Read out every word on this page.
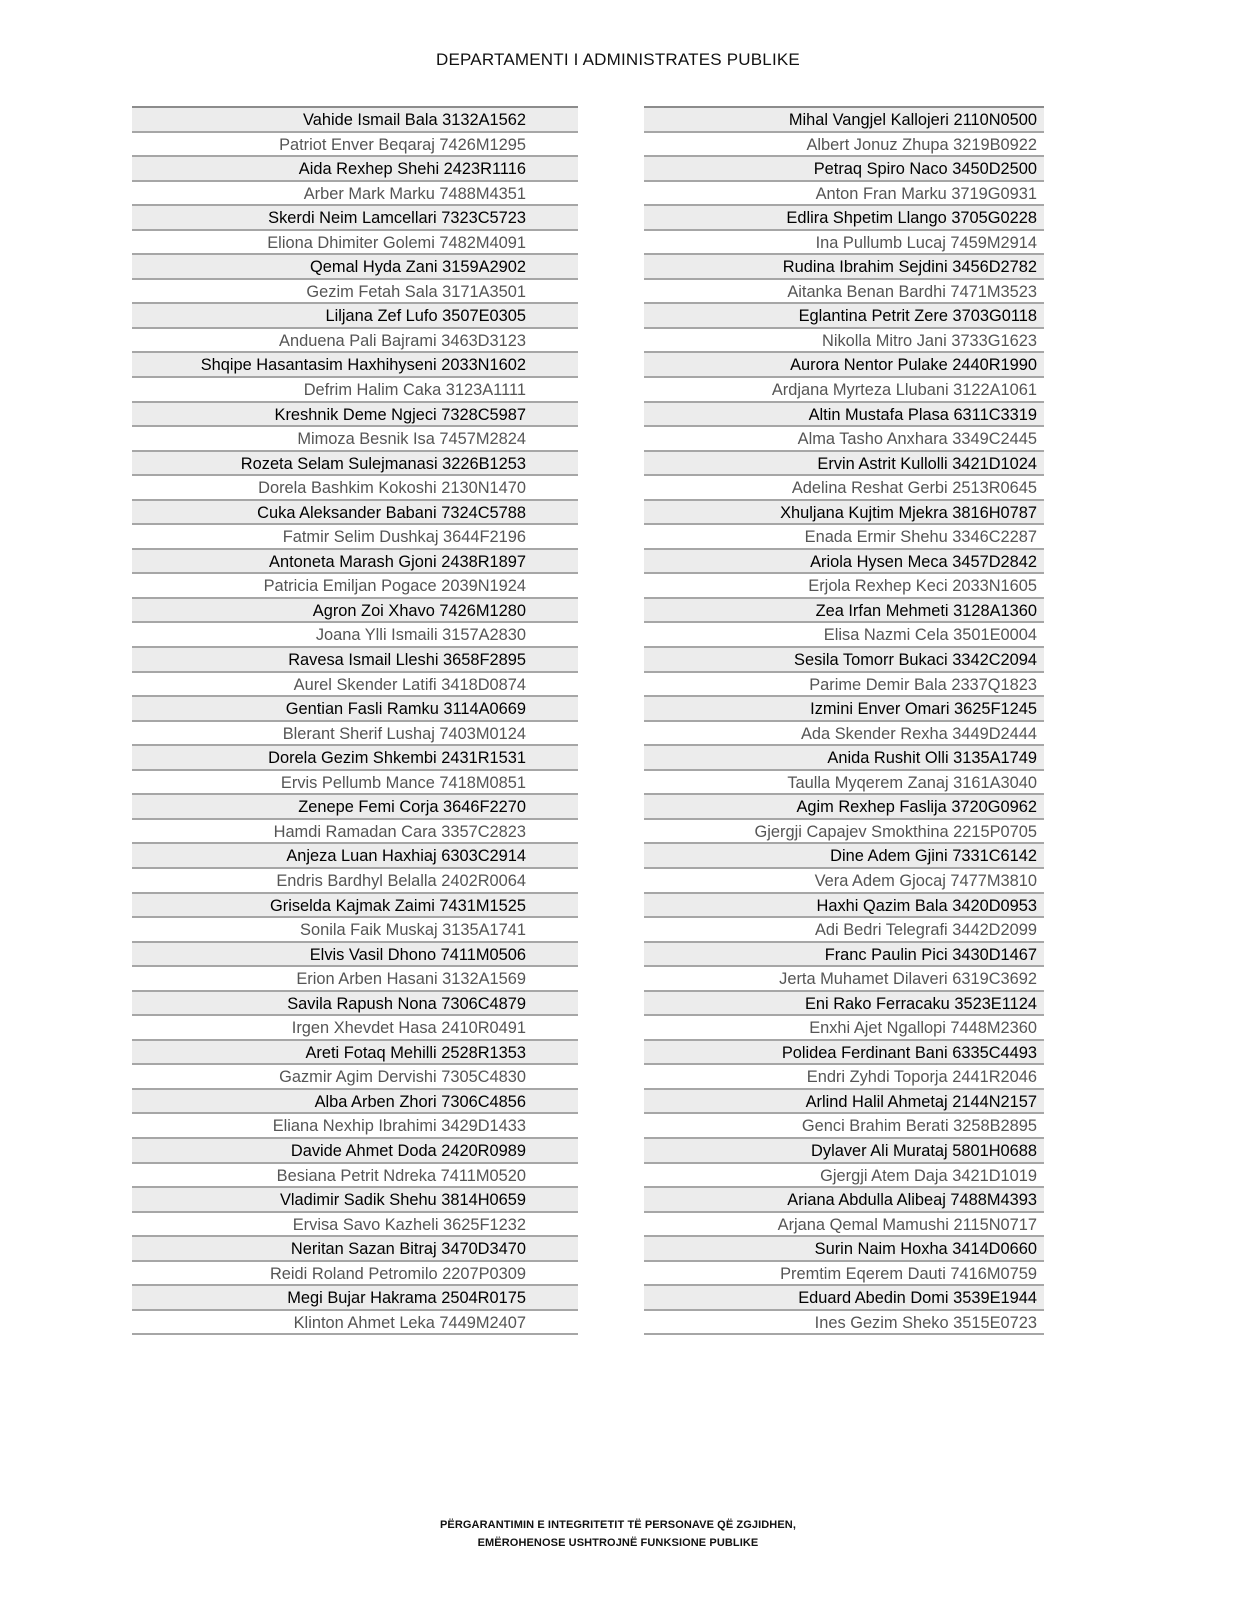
DEPARTAMENTI I ADMINISTRATES PUBLIKE
Vahide Ismail Bala 3132A1562
Patriot Enver Beqaraj 7426M1295
Aida Rexhep Shehi 2423R1116
Arber Mark Marku 7488M4351
Skerdi Neim Lamcellari 7323C5723
Eliona Dhimiter Golemi 7482M4091
Qemal Hyda Zani 3159A2902
Gezim Fetah Sala 3171A3501
Liljana Zef Lufo 3507E0305
Anduena Pali Bajrami 3463D3123
Shqipe Hasantasim Haxhihyseni 2033N1602
Defrim Halim Caka 3123A1111
Kreshnik Deme Ngjeci 7328C5987
Mimoza Besnik Isa 7457M2824
Rozeta Selam Sulejmanasi 3226B1253
Dorela Bashkim Kokoshi 2130N1470
Cuka Aleksander Babani 7324C5788
Fatmir Selim Dushkaj 3644F2196
Antoneta Marash Gjoni 2438R1897
Patricia Emiljan Pogace 2039N1924
Agron Zoi Xhavo 7426M1280
Joana Ylli Ismaili 3157A2830
Ravesa Ismail Lleshi 3658F2895
Aurel Skender Latifi 3418D0874
Gentian Fasli Ramku 3114A0669
Blerant Sherif Lushaj 7403M0124
Dorela Gezim Shkembi 2431R1531
Ervis Pellumb Mance 7418M0851
Zenepe Femi Corja 3646F2270
Hamdi Ramadan Cara 3357C2823
Anjeza Luan Haxhiaj 6303C2914
Endris Bardhyl Belalla 2402R0064
Griselda Kajmak Zaimi 7431M1525
Sonila Faik Muskaj 3135A1741
Elvis Vasil Dhono 7411M0506
Erion Arben Hasani 3132A1569
Savila Rapush Nona 7306C4879
Irgen Xhevdet Hasa 2410R0491
Areti Fotaq Mehilli 2528R1353
Gazmir Agim Dervishi 7305C4830
Alba Arben Zhori 7306C4856
Eliana Nexhip Ibrahimi 3429D1433
Davide Ahmet Doda 2420R0989
Besiana Petrit Ndreka 7411M0520
Vladimir Sadik Shehu 3814H0659
Ervisa Savo Kazheli 3625F1232
Neritan Sazan Bitraj 3470D3470
Reidi Roland Petromilo 2207P0309
Megi Bujar Hakrama 2504R0175
Klinton Ahmet Leka 7449M2407
Mihal Vangjel Kallojeri 2110N0500
Albert Jonuz Zhupa 3219B0922
Petraq Spiro Naco 3450D2500
Anton Fran Marku 3719G0931
Edlira Shpetim Llango 3705G0228
Ina Pullumb Lucaj 7459M2914
Rudina Ibrahim Sejdini 3456D2782
Aitanka Benan Bardhi 7471M3523
Eglantina Petrit Zere 3703G0118
Nikolla Mitro Jani 3733G1623
Aurora Nentor Pulake 2440R1990
Ardjana Myrteza Llubani 3122A1061
Altin Mustafa Plasa 6311C3319
Alma Tasho Anxhara 3349C2445
Ervin Astrit Kullolli 3421D1024
Adelina Reshat Gerbi 2513R0645
Xhuljana Kujtim Mjekra 3816H0787
Enada Ermir Shehu 3346C2287
Ariola Hysen Meca 3457D2842
Erjola Rexhep Keci 2033N1605
Zea Irfan Mehmeti 3128A1360
Elisa Nazmi Cela 3501E0004
Sesila Tomorr Bukaci 3342C2094
Parime Demir Bala 2337Q1823
Izmini Enver Omari 3625F1245
Ada Skender Rexha 3449D2444
Anida Rushit Olli 3135A1749
Taulla Myqerem Zanaj 3161A3040
Agim Rexhep Faslija 3720G0962
Gjergji Capajev Smokthina 2215P0705
Dine Adem Gjini 7331C6142
Vera Adem Gjocaj 7477M3810
Haxhi Qazim Bala 3420D0953
Adi Bedri Telegrafi 3442D2099
Franc Paulin Pici 3430D1467
Jerta Muhamet Dilaveri 6319C3692
Eni Rako Ferracaku 3523E1124
Enxhi Ajet Ngallopi 7448M2360
Polidea Ferdinant Bani 6335C4493
Endri Zyhdi Toporja 2441R2046
Arlind Halil Ahmetaj 2144N2157
Genci Brahim Berati 3258B2895
Dylaver Ali Murataj 5801H0688
Gjergji Atem Daja 3421D1019
Ariana Abdulla Alibeaj 7488M4393
Arjana Qemal Mamushi 2115N0717
Surin Naim Hoxha 3414D0660
Premtim Eqerem Dauti 7416M0759
Eduard Abedin Domi 3539E1944
Ines Gezim Sheko 3515E0723
PËRGARANTIMIN E INTEGRITETIT TË PERSONAVE QË ZGJIDHEN,
EMËROHENOSE USHTROJNË FUNKSIONE PUBLIKE
